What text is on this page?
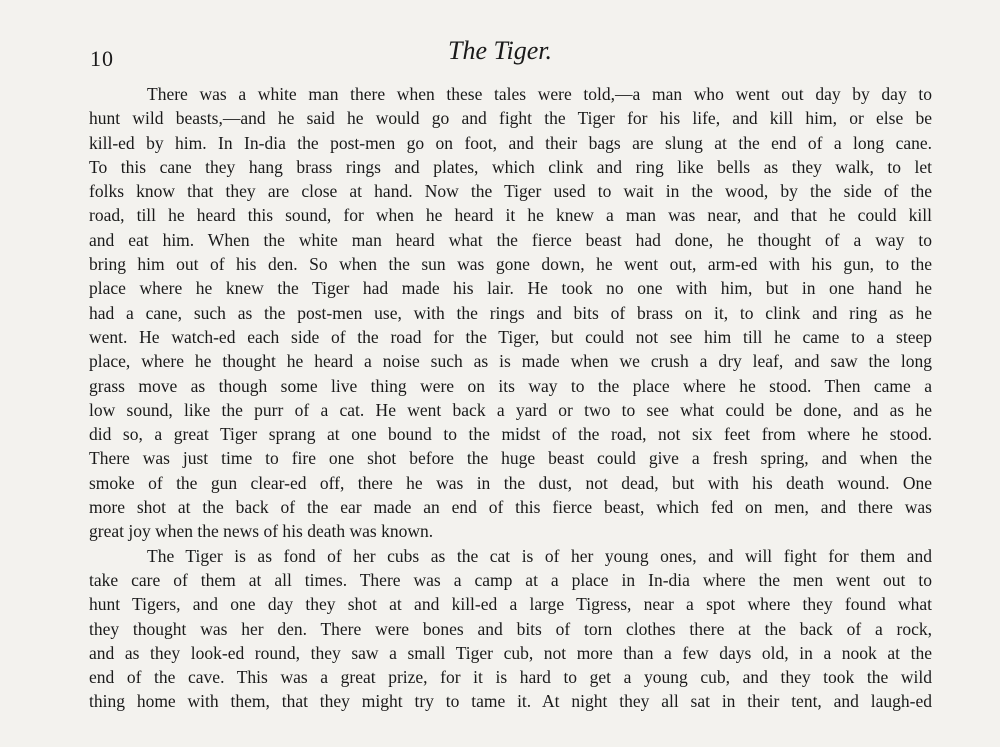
10	The Tiger.
There was a white man there when these tales were told,—a man who went out day by day to
hunt wild beasts,—and he said he would go and fight the Tiger for his life, and kill him, or else be
kill-ed by him. In In-dia the post-men go on foot, and their bags are slung at the end of a long cane.
To this cane they hang brass rings and plates, which clink and ring like bells as they walk, to let
folks know that they are close at hand. Now the Tiger used to wait in the wood, by the side of the
road, till he heard this sound, for when he heard it he knew a man was near, and that he could kill
and eat him. When the white man heard what the fierce beast had done, he thought of a way to
bring him out of his den. So when the sun was gone down, he went out, arm-ed with his gun, to the
place where he knew the Tiger had made his lair. He took no one with him, but in one hand he
had a cane, such as the post-men use, with the rings and bits of brass on it, to clink and ring as he
went. He watch-ed each side of the road for the Tiger, but could not see him till he came to a steep
place, where he thought he heard a noise such as is made when we crush a dry leaf, and saw the long
grass move as though some live thing were on its way to the place where he stood. Then came a
low sound, like the purr of a cat. He went back a yard or two to see what could be done, and as he
did so, a great Tiger sprang at one bound to the midst of the road, not six feet from where he stood.
There was just time to fire one shot before the huge beast could give a fresh spring, and when the
smoke of the gun clear-ed off, there he was in the dust, not dead, but with his death wound. One
more shot at the back of the ear made an end of this fierce beast, which fed on men, and there was
great joy when the news of his death was known.
The Tiger is as fond of her cubs as the cat is of her young ones, and will fight for them and
take care of them at all times. There was a camp at a place in In-dia where the men went out to
hunt Tigers, and one day they shot at and kill-ed a large Tigress, near a spot where they found what
they thought was her den. There were bones and bits of torn clothes there at the back of a rock,
and as they look-ed round, they saw a small Tiger cub, not more than a few days old, in a nook at the
end of the cave. This was a great prize, for it is hard to get a young cub, and they took the wild
thing home with them, that they might try to tame it. At night they all sat in their tent, and laugh-ed
